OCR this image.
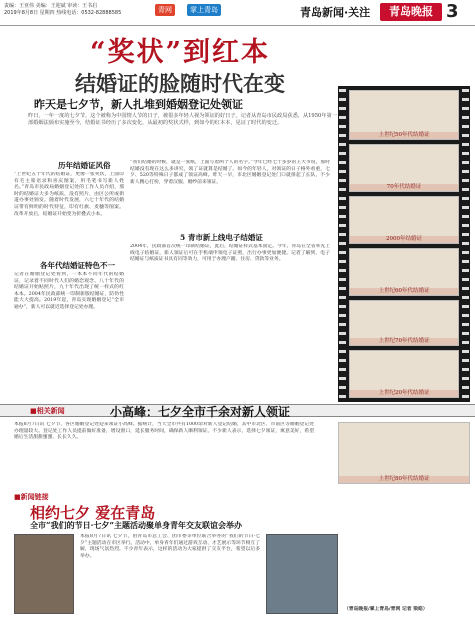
责编：王亚伟 美编：王迎斌 审读：王书启
2019年8月8日 星期四 热线电话：0532-82888585	青网	掌上青岛	青岛新闻·关注	青岛晚报 3
“奖状”到红本
结婚证的脸随时代在变
昨天是七夕节，新人扎堆到婚姻登记处领证
昨日，一年一度的七夕节，这个被称为中国情人节的日子，被很多年轻人视为领证的好日子。记者从青岛市民政局获悉，从1950年第一部婚姻法颁布实施至今，结婚证书经历了多次变化，从最初的奖状式样，到如今的红本本，见证了时代的变迁。
历年结婚证风俗
“上世纪五十年代的结婚证，更像一张奖状，上面印有毛主席语录和喜庆图案，用毛笔书写新人姓名。”青岛市民政局婚姻登记处的工作人员介绍，那时的结婚证大多为纸质，没有照片，由区公所或街道办事处颁发。随着时代发展，六七十年代的结婚证带有鲜明的时代特征，印有红旗、麦穗等图案。改革开放后，结婚证开始变为折叠式小本。
各年代结婚证特色不一
记者在婚姻登记处看到，一本本不同年代的结婚证，记录着不同时代人们的婚恋观念。八十年代的结婚证开始贴照片，九十年代出现了统一样式的红本本。2004年民政部统一印制新版结婚证，防伪性能大大提高。2019年起，青岛实现婚姻登记“全市通办”，新人可以就近选择登记处办理。
“我们结婚的时候，就是一张纸，上面写着两个人的名字。”今年已经七十多岁的王大爷说，那时结婚没有现在这么多讲究，领了证就算是结婚了。如今的年轻人，对领证的日子格外看重，七夕、520等特殊日子都成了领证高峰。昨天一早，市北区婚姻登记处门口就排起了长队，不少新人精心打扮，穿着汉服、婚纱前来领证。
5 青市新上线电子结婚证
2004年，民政部首次统一印制结婚证，此后，结婚证样式基本固定。今年，青岛在全省率先上线电子结婚证，新人领证后可在手机端申领电子证照，出行办事更加便捷。记者了解到，电子结婚证与纸质证书具有同等效力，可用于办理户籍、住房、贷款等业务。
上世纪50年代结婚证
70年代结婚证
2000年结婚证
上世纪60年代结婚证
上世纪70年代结婚证
上世纪20年代结婚证
■相关新闻	小高峰：七夕全市千余对新人领证
本报8月7日讯 七夕节，各区婚姻登记处迎来领证小高峰。据统计，当天全市共有1000余对新人登记结婚，其中市北区、市南区等婚姻登记处办理量较大。登记处工作人员提前做好准备，增设窗口，延长服务时间，确保新人顺利领证。不少新人表示，选择七夕领证，寓意美好，希望婚后生活甜甜蜜蜜、长长久久。
上世纪80年代结婚证
■新闻链接
相约七夕 爱在青岛
全市“我们的节日·七夕”主题活动聚单身青年交友联谊会举办
本报8月7日讯 七夕节，由青岛市总工会、团市委等单位联合举办的“我们的节日·七夕”主题活动在市区举行。活动中，单身青年们通过游戏互动、才艺展示等环节相互了解，现场气氛热烈。不少青年表示，这样的活动为大家提供了交友平台，希望以后多举办。
（青岛晚报/掌上青岛/青网 记者 梁皓）
